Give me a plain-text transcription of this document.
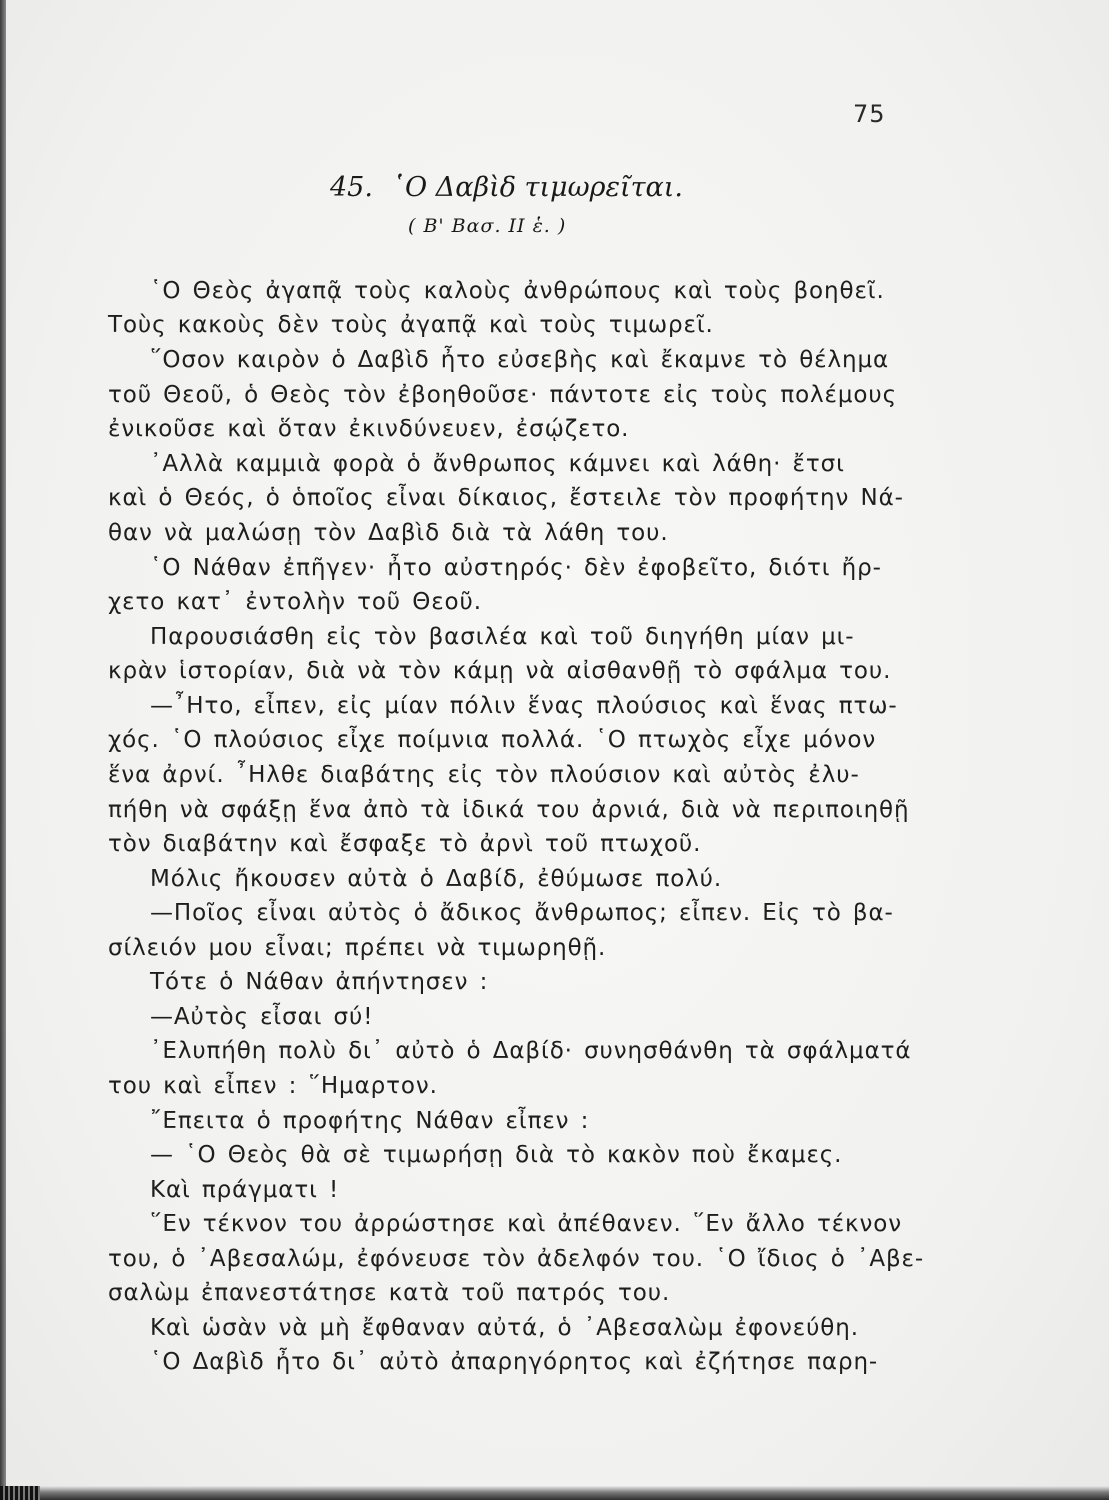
75
45. ῾Ο Δαβὶδ τιμωρεῖται.
( Β' Βασ. ΙΙ ἑ. )
῾Ο Θεὸς ἀγαπᾷ τοὺς καλοὺς ἀνθρώπους καὶ τοὺς βοηθεῖ.
Τοὺς κακοὺς δὲν τοὺς ἀγαπᾷ καὶ τοὺς τιμωρεῖ.
῞Οσον καιρὸν ὁ Δαβὶδ ἦτο εὐσεβὴς καὶ ἔκαμνε τὸ θέλημα
τοῦ Θεοῦ, ὁ Θεὸς τὸν ἐβοηθοῦσε· πάντοτε εἰς τοὺς πολέμους
ἐνικοῦσε καὶ ὅταν ἐκινδύνευεν, ἐσῴζετο.
᾿Αλλὰ καμμιὰ φορὰ ὁ ἄνθρωπος κάμνει καὶ λάθη· ἔτσι
καὶ ὁ Θεός, ὁ ὁποῖος εἶναι δίκαιος, ἔστειλε τὸν προφήτην Νά-
θαν νὰ μαλώσῃ τὸν Δαβὶδ διὰ τὰ λάθη του.
῾Ο Νάθαν ἐπῆγεν· ἦτο αὐστηρός· δὲν ἐφοβεῖτο, διότι ἤρ-
χετο κατ᾿ ἐντολὴν τοῦ Θεοῦ.
Παρουσιάσθη εἰς τὸν βασιλέα καὶ τοῦ διηγήθη μίαν μι-
κρὰν ἱστορίαν, διὰ νὰ τὸν κάμῃ νὰ αἰσθανθῇ τὸ σφάλμα του.
—῏Ητο, εἶπεν, εἰς μίαν πόλιν ἕνας πλούσιος καὶ ἕνας πτω-
χός. ῾Ο πλούσιος εἶχε ποίμνια πολλά. ῾Ο πτωχὸς εἶχε μόνον
ἕνα ἀρνί. ῏Ηλθε διαβάτης εἰς τὸν πλούσιον καὶ αὐτὸς ἐλυ-
πήθη νὰ σφάξῃ ἕνα ἀπὸ τὰ ἰδικά του ἀρνιά, διὰ νὰ περιποιηθῇ
τὸν διαβάτην καὶ ἔσφαξε τὸ ἀρνὶ τοῦ πτωχοῦ.
Μόλις ἤκουσεν αὐτὰ ὁ Δαβίδ, ἐθύμωσε πολύ.
—Ποῖος εἶναι αὐτὸς ὁ ἄδικος ἄνθρωπος; εἶπεν. Εἰς τὸ βα-
σίλειόν μου εἶναι; πρέπει νὰ τιμωρηθῇ.
Τότε ὁ Νάθαν ἀπήντησεν :
—Αὐτὸς εἶσαι σύ!
᾿Ελυπήθη πολὺ δι᾿ αὐτὸ ὁ Δαβίδ· συνησθάνθη τὰ σφάλματά
του καὶ εἶπεν : ῞Ημαρτον.
῎Επειτα ὁ προφήτης Νάθαν εἶπεν :
— ῾Ο Θεὸς θὰ σὲ τιμωρήσῃ διὰ τὸ κακὸν ποὺ ἔκαμες.
Καὶ πράγματι !
῞Εν τέκνον του ἀρρώστησε καὶ ἀπέθανεν. ῞Εν ἄλλο τέκνον
του, ὁ ᾿Αβεσαλώμ, ἐφόνευσε τὸν ἀδελφόν του. ῾Ο ἴδιος ὁ ᾿Αβε-
σαλὼμ ἐπανεστάτησε κατὰ τοῦ πατρός του.
Καὶ ὡσὰν νὰ μὴ ἔφθαναν αὐτά, ὁ ᾿Αβεσαλὼμ ἐφονεύθη.
῾Ο Δαβὶδ ἦτο δι᾿ αὐτὸ ἀπαρηγόρητος καὶ ἐζήτησε παρη-
